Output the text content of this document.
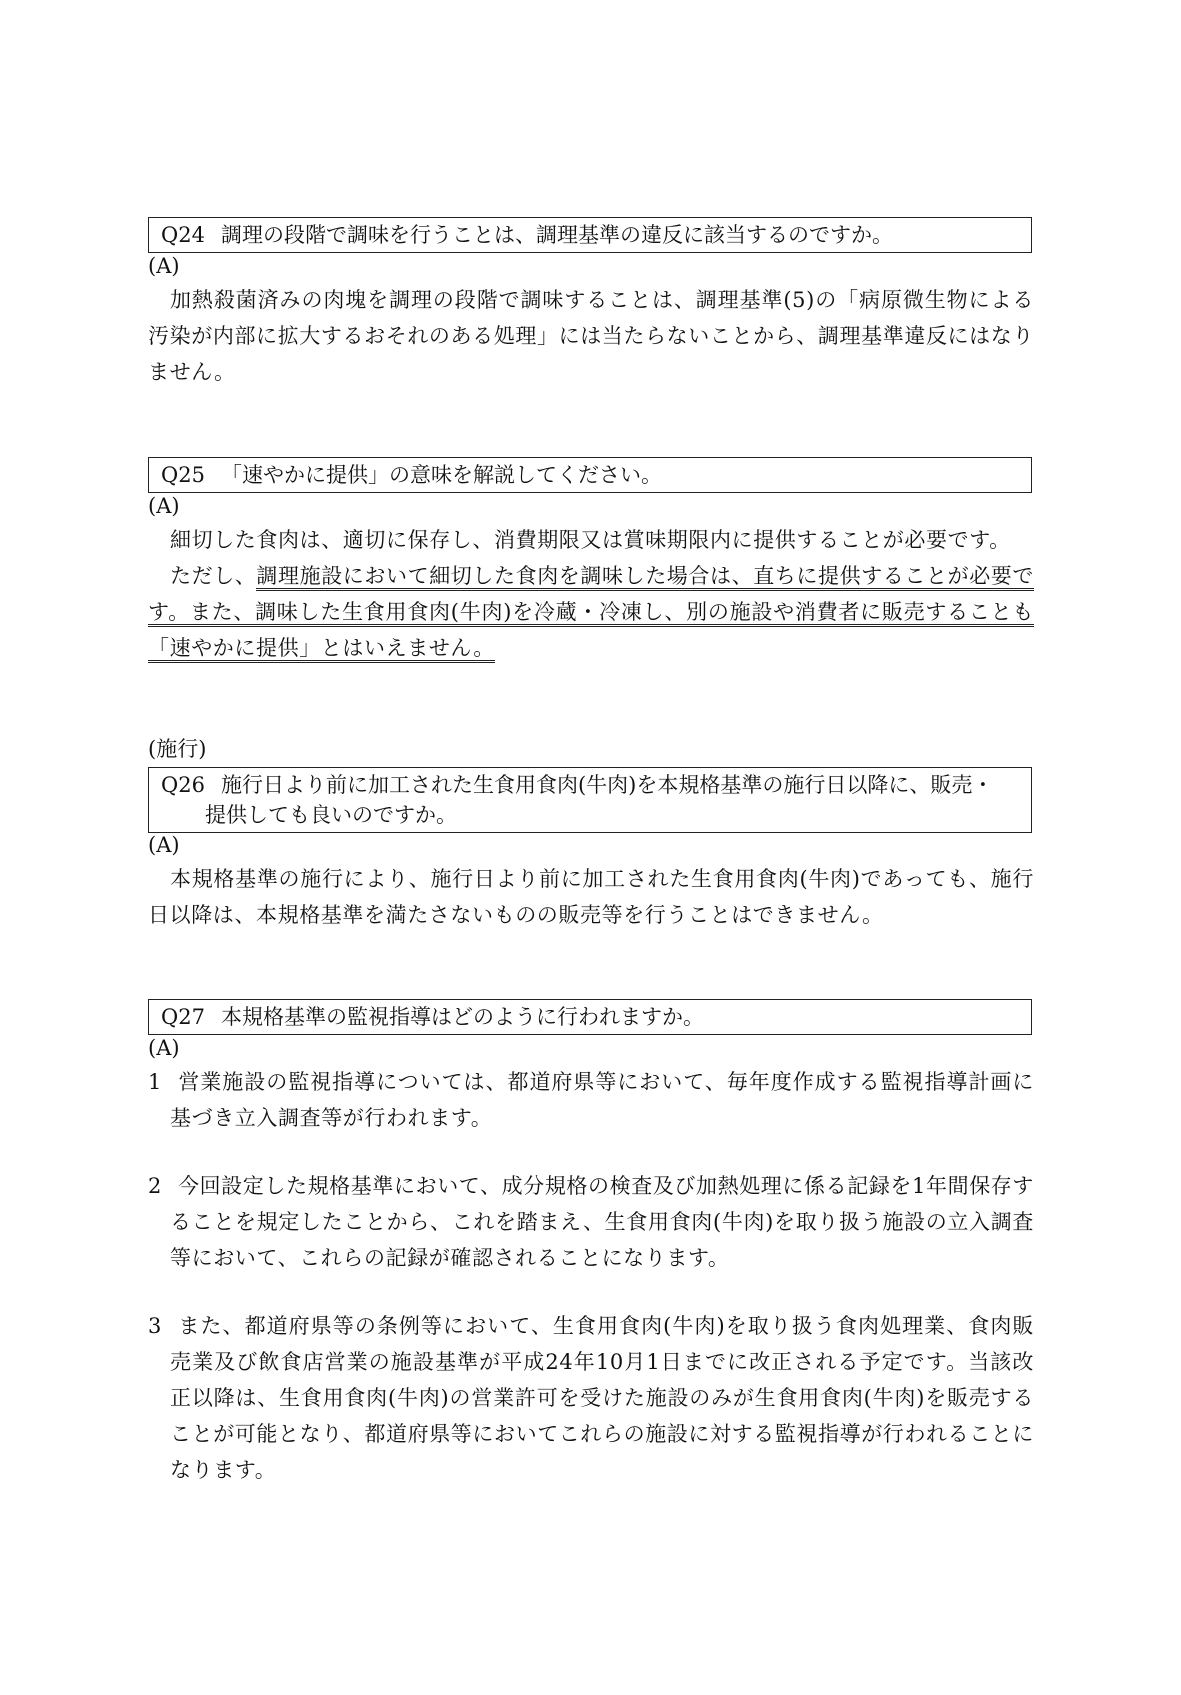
Q24 調理の段階で調味を行うことは、調理基準の違反に該当するのですか。
(A)
加熱殺菌済みの肉塊を調理の段階で調味することは、調理基準(5)の「病原微生物による汚染が内部に拡大するおそれのある処理」には当たらないことから、調理基準違反にはなりません。
Q25 「速やかに提供」の意味を解説してください。
(A)
細切した食肉は、適切に保存し、消費期限又は賞味期限内に提供することが必要です。
ただし、調理施設において細切した食肉を調味した場合は、直ちに提供することが必要です。また、調味した生食用食肉(牛肉)を冷蔵・冷凍し、別の施設や消費者に販売することも「速やかに提供」とはいえません。
(施行)
Q26 施行日より前に加工された生食用食肉(牛肉)を本規格基準の施行日以降に、販売・
提供しても良いのですか。
(A)
本規格基準の施行により、施行日より前に加工された生食用食肉(牛肉)であっても、施行日以降は、本規格基準を満たさないものの販売等を行うことはできません。
Q27 本規格基準の監視指導はどのように行われますか。
(A)
1 営業施設の監視指導については、都道府県等において、毎年度作成する監視指導計画に基づき立入調査等が行われます。
2 今回設定した規格基準において、成分規格の検査及び加熱処理に係る記録を1年間保存することを規定したことから、これを踏まえ、生食用食肉(牛肉)を取り扱う施設の立入調査等において、これらの記録が確認されることになります。
3 また、都道府県等の条例等において、生食用食肉(牛肉)を取り扱う食肉処理業、食肉販売業及び飲食店営業の施設基準が平成24年10月1日までに改正される予定です。当該改正以降は、生食用食肉(牛肉)の営業許可を受けた施設のみが生食用食肉(牛肉)を販売することが可能となり、都道府県等においてこれらの施設に対する監視指導が行われることになります。
